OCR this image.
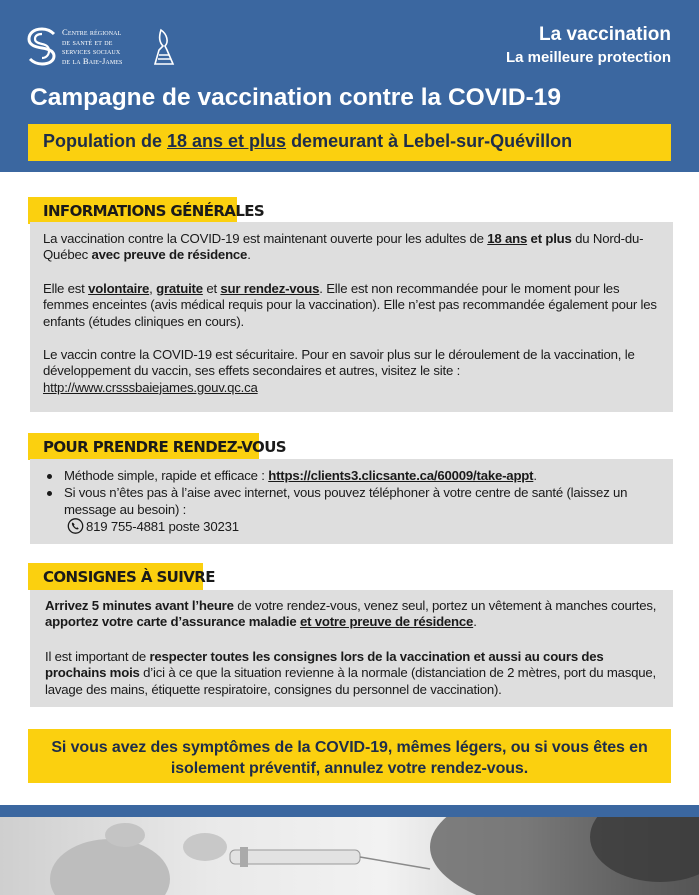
Centre régional
de santé et de
services sociaux
de la Baie-James
La vaccination
La meilleure protection
Campagne de vaccination contre la COVID-19
Population de 18 ans et plus demeurant à Lebel-sur-Quévillon
INFORMATIONS GÉNÉRALES

La vaccination contre la COVID-19 est maintenant ouverte pour les adultes de 18 ans et plus du Nord-du-Québec avec preuve de résidence.

Elle est volontaire, gratuite et sur rendez-vous. Elle est non recommandée pour le moment pour les femmes enceintes (avis médical requis pour la vaccination). Elle n’est pas recommandée également pour les enfants (études cliniques en cours).

Le vaccin contre la COVID-19 est sécuritaire. Pour en savoir plus sur le déroulement de la vaccination, le développement du vaccin, ses effets secondaires et autres, visitez le site :

http://www.crsssbaiejames.gouv.qc.ca

POUR PRENDRE RENDEZ-VOUS

Méthode simple, rapide et efficace : https://clients3.clicsante.ca/60009/take-appt.

Si vous n’êtes pas à l’aise avec internet, vous pouvez téléphoner à votre centre de santé (laissez un message au besoin) :

819 755-4881 poste 30231

CONSIGNES À SUIVRE

Arrivez 5 minutes avant l’heure de votre rendez-vous, venez seul, portez un vêtement à manches courtes, apportez votre carte d’assurance maladie et votre preuve de résidence.

Il est important de respecter toutes les consignes lors de la vaccination et aussi au cours des prochains mois d’ici à ce que la situation revienne à la normale (distanciation de 2 mètres, port du masque, lavage des mains, étiquette respiratoire, consignes du personnel de vaccination).

Si vous avez des symptômes de la COVID-19, mêmes légers, ou si vous êtes en isolement préventif, annulez votre rendez-vous.
